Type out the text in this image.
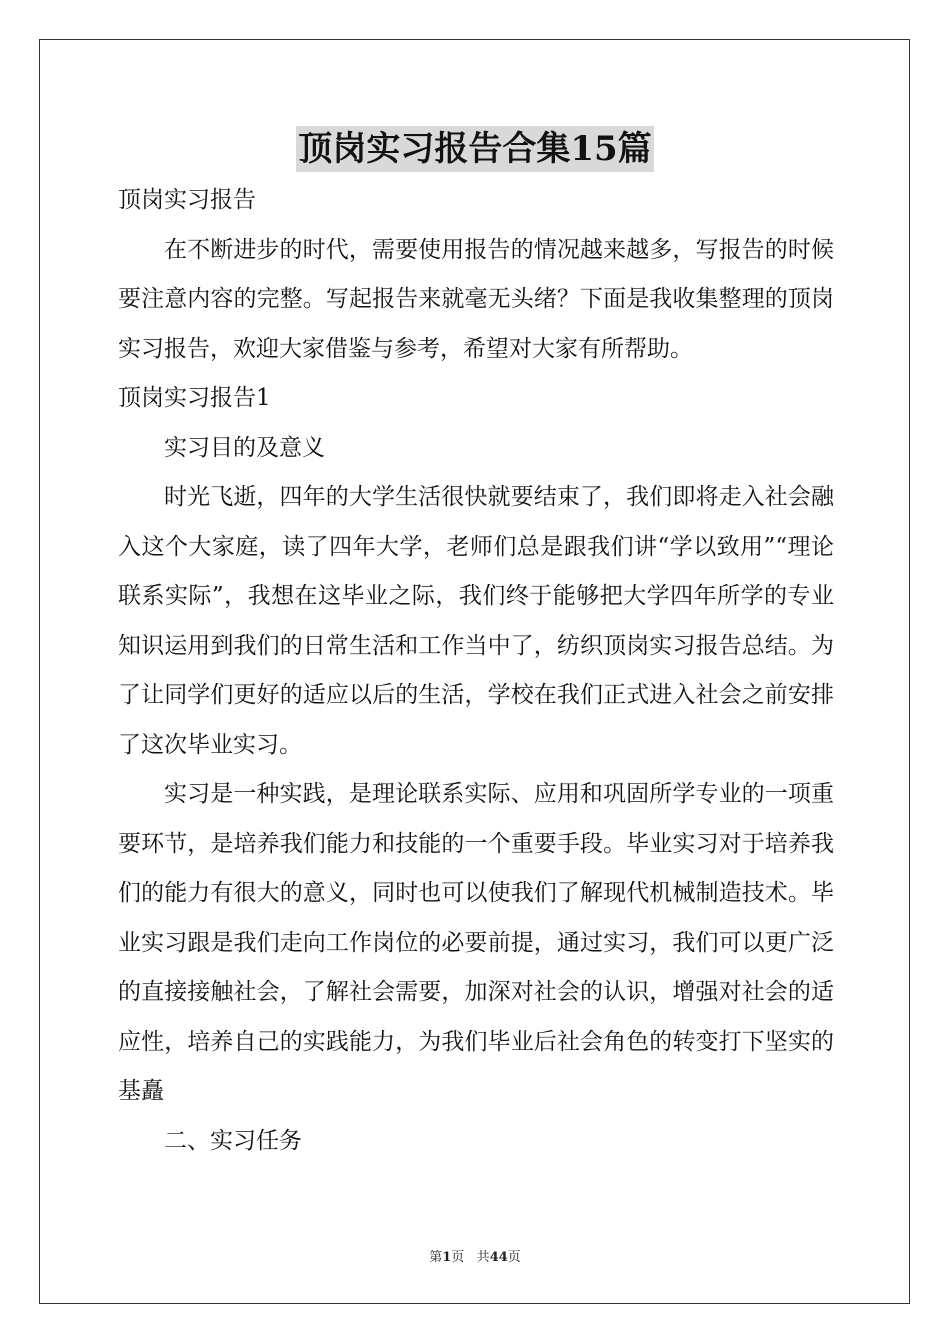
顶岗实习报告合集15篇

顶岗实习报告

在不断进步的时代，需要使用报告的情况越来越多，写报告的时候要注意内容的完整。写起报告来就毫无头绪？下面是我收集整理的顶岗实习报告，欢迎大家借鉴与参考，希望对大家有所帮助。

顶岗实习报告1

实习目的及意义

时光飞逝，四年的大学生活很快就要结束了，我们即将走入社会融入这个大家庭，读了四年大学，老师们总是跟我们讲“学以致用”“理论联系实际”，我想在这毕业之际，我们终于能够把大学四年所学的专业知识运用到我们的日常生活和工作当中了，纺织顶岗实习报告总结。为了让同学们更好的适应以后的生活，学校在我们正式进入社会之前安排了这次毕业实习。

实习是一种实践，是理论联系实际、应用和巩固所学专业的一项重要环节，是培养我们能力和技能的一个重要手段。毕业实习对于培养我们的能力有很大的意义，同时也可以使我们了解现代机械制造技术。毕业实习跟是我们走向工作岗位的必要前提，通过实习，我们可以更广泛的直接接触社会，了解社会需要，加深对社会的认识，增强对社会的适应性，培养自己的实践能力，为我们毕业后社会角色的转变打下坚实的基矗

二、实习任务

第1页 共44页
